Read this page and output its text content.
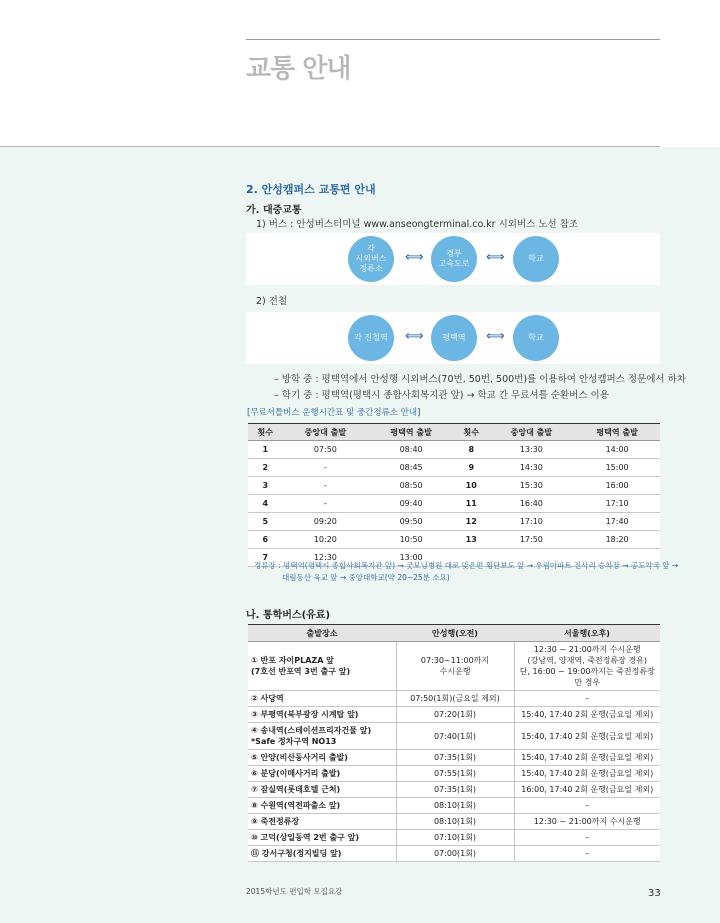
교통 안내
2. 안성캠퍼스 교통편 안내
가. 대중교통
1) 버스 : 안성버스터미널 www.anseongterminal.co.kr 시외버스 노선 참조
각
시외버스
정류소
⟺	경부
고속도로	⟺	학교
2) 전철
각 전철역	⟺	평택역	⟺	학교
– 방학 중 : 평택역에서 안성행 시외버스(70번, 50번, 500번)를 이용하여 안성캠퍼스 정문에서 하차
– 학기 중 : 평택역(평택시 종합사회복지관 앞) → 학교 간 무료셔틀 순환버스 이용
[무료셔틀버스 운행시간표 및 중간정류소 안내]
횟수	중앙대 출발	평택역 출발	횟수	중앙대 출발	평택역 출발
1	07:50	08:40	8	13:30	14:00
2	-	08:45	9	14:30	15:00
3	-	08:50	10	15:30	16:00
4	-	09:40	11	16:40	17:10
5	09:20	09:50	12	17:10	17:40
6	10:20	10:50	13	17:50	18:20
7	12:30	13:00			
정류장 : 평택역(평택시 종합사회복지관 앞) → 굿모닝병원 대로 맞은편 횡단보도 앞 → 우림아파트 진사리 승차장 → 공도약국 앞 →
대림동산 육교 앞 → 중앙대학교(약 20~25분 소요)
나. 통학버스(유료)
출발장소	안성행(오전)	서울행(오후)
① 반포 자이PLAZA 앞
(7호선 반포역 3번 출구 앞)	07:30~11:00까지
수시운행	12:30 ~ 21:00까지 수시운행
(강남역, 양재역, 죽전정류장 경유)
단, 16:00 ~ 19:00까지는 죽전정류장만 경우
② 사당역	07:50(1회)(금요일 제외)	–
③ 부평역(북부광장 시계탑 앞)	07:20(1회)	15:40, 17:40 2회 운행(금요일 제외)
④ 송내역(스테이션프리자건물 앞)
*Safe 정차구역 NO13	07:40(1회)	15:40, 17:40 2회 운행(금요일 제외)
⑤ 안양(비산동사거리 출발)	07:35(1회)	15:40, 17:40 2회 운행(금요일 제외)
⑥ 분당(이매사거리 출발)	07:55(1회)	15:40, 17:40 2회 운행(금요일 제외)
⑦ 잠실역(롯데호텔 근처)	07:35(1회)	16:00, 17:40 2회 운행(금요일 제외)
⑧ 수원역(역전파출소 앞)	08:10(1회)	–
⑨ 죽전정류장	08:10(1회)	12:30 ~ 21:00까지 수시운행
⑩ 고덕(상일동역 2번 출구 앞)	07:10(1회)	–
⑪ 강서구청(정지빌딩 앞)	07:00(1회)	–
2015학년도 편입학 모집요강	33
